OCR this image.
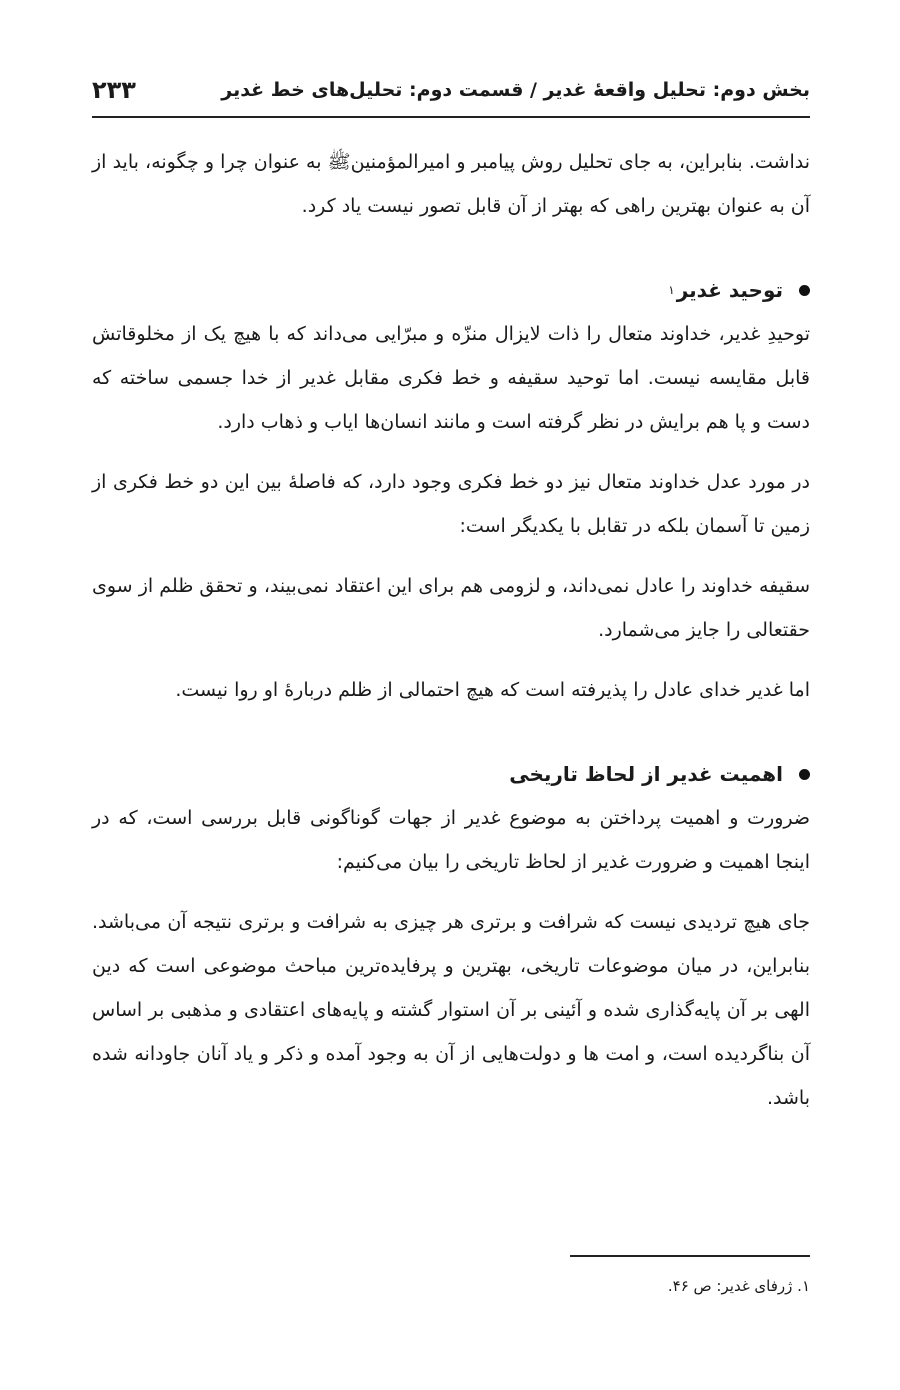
بخش دوم: تحلیل واقعهٔ غدیر / قسمت دوم: تحلیل‌های خط غدیر
۲۳۳

نداشت. بنابراین، به جای تحلیل روش پیامبر و امیرالمؤمنین‌ﷺ به عنوان چرا و چگونه، باید از آن به عنوان بهترین راهی که بهتر از آن قابل تصور نیست یاد کرد.

توحید غدیر
۱

توحیدِ غدیر، خداوند متعال را ذات لایزال منزّه و مبرّایی می‌داند که با هیچ یک از مخلوقاتش قابل مقایسه نیست. اما توحید سقیفه و خط فکری مقابل غدیر از خدا جسمی ساخته که دست و پا هم برایش در نظر گرفته است و مانند انسان‌ها ایاب و ذهاب دارد.

در مورد عدل خداوند متعال نیز دو خط فکری وجود دارد، که فاصلهٔ بین این دو خط فکری از زمین تا آسمان بلکه در تقابل با یکدیگر است:

سقیفه خداوند را عادل نمی‌داند، و لزومی هم برای این اعتقاد نمی‌بیند، و تحقق ظلم از سوی حقتعالی را جایز می‌شمارد.

اما غدیر خدای عادل را پذیرفته است که هیچ احتمالی از ظلم دربارهٔ او روا نیست.

اهمیت غدیر از لحاظ تاریخی

ضرورت و اهمیت پرداختن به موضوع غدیر از جهات گوناگونی قابل بررسی است، که در اینجا اهمیت و ضرورت غدیر از لحاظ تاریخی را بیان می‌کنیم:

جای هیچ تردیدی نیست که شرافت و برتری هر چیزی به شرافت و برتری نتیجه آن می‌باشد. بنابراین، در میان موضوعات تاریخی، بهترین و پرفایده‌ترین مباحث موضوعی است که دین الهی بر آن پایه‌گذاری شده و آئینی بر آن استوار گشته و پایه‌های اعتقادی و مذهبی بر اساس آن بناگردیده است، و امت ها و دولت‌هایی از آن به وجود آمده و ذکر و یاد آنان جاودانه شده باشد.

۱. ژرفای غدیر: ص ۴۶.
